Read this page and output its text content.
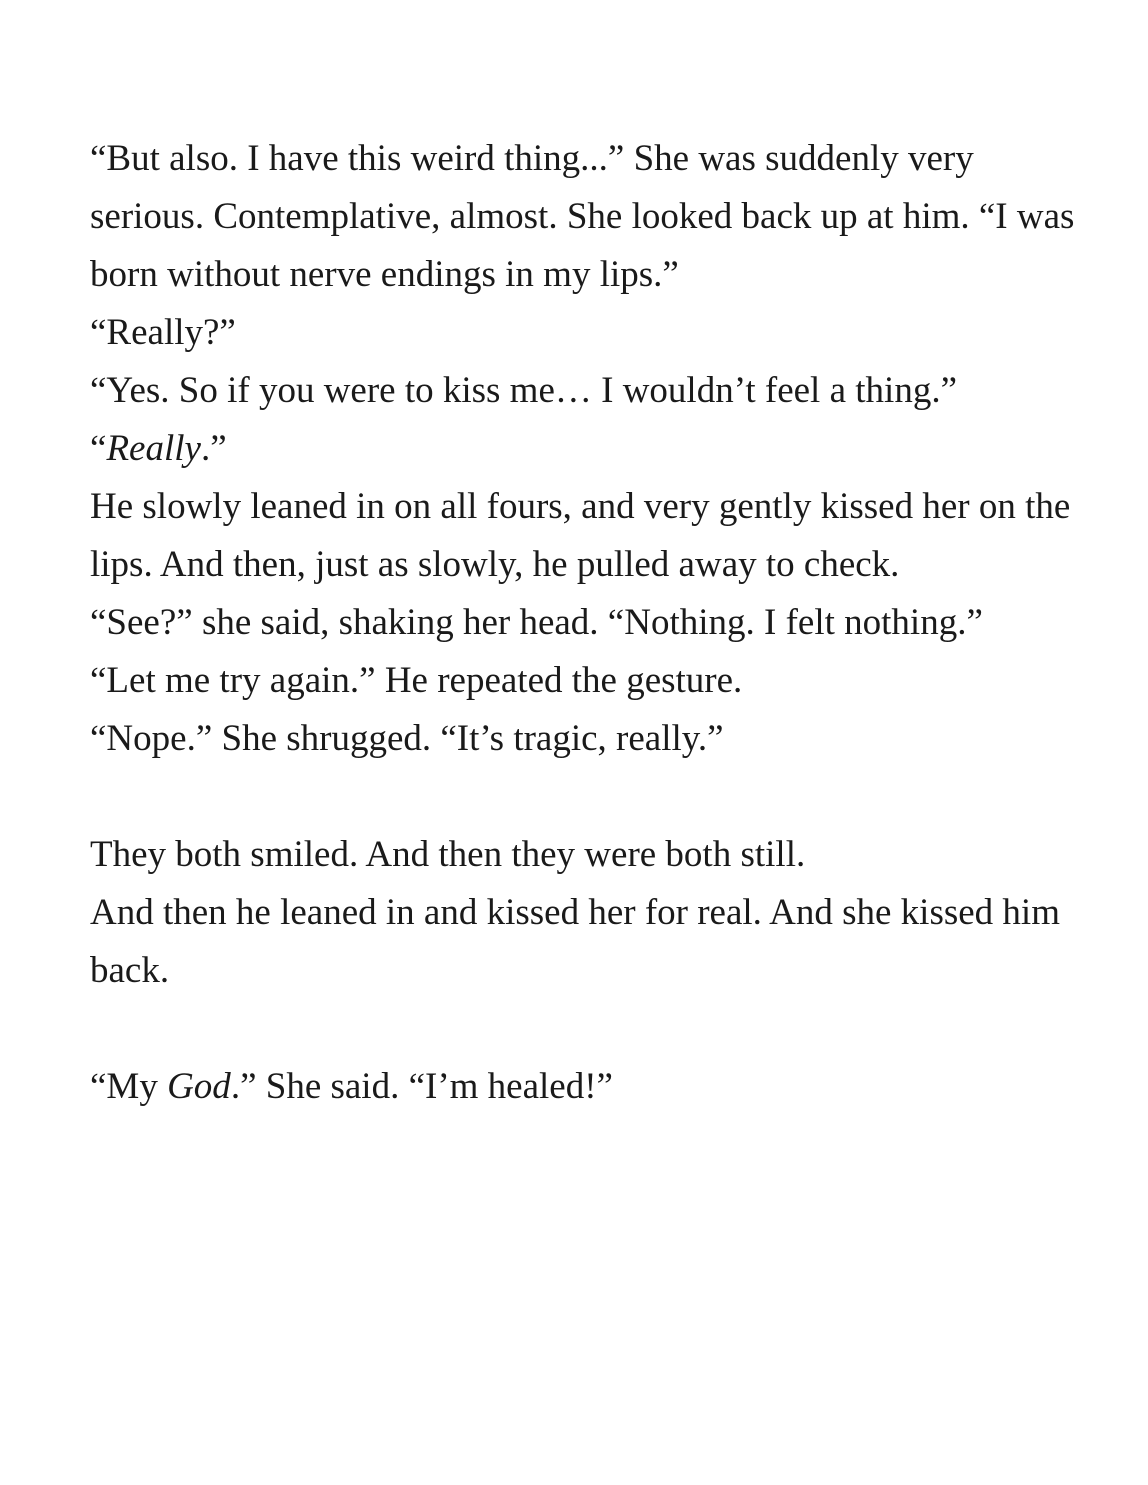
“But also. I have this weird thing...” She was suddenly very serious. Contemplative, almost. She looked back up at him. “I was born without nerve endings in my lips.”

“Really?”

“Yes. So if you were to kiss me… I wouldn’t feel a thing.”

“Really.”

He slowly leaned in on all fours, and very gently kissed her on the lips. And then, just as slowly, he pulled away to check.

“See?” she said, shaking her head. “Nothing. I felt nothing.”

“Let me try again.” He repeated the gesture.

“Nope.” She shrugged. “It’s tragic, really.”

They both smiled. And then they were both still.

And then he leaned in and kissed her for real. And she kissed him back.

“My God.” She said. “I’m healed!”
